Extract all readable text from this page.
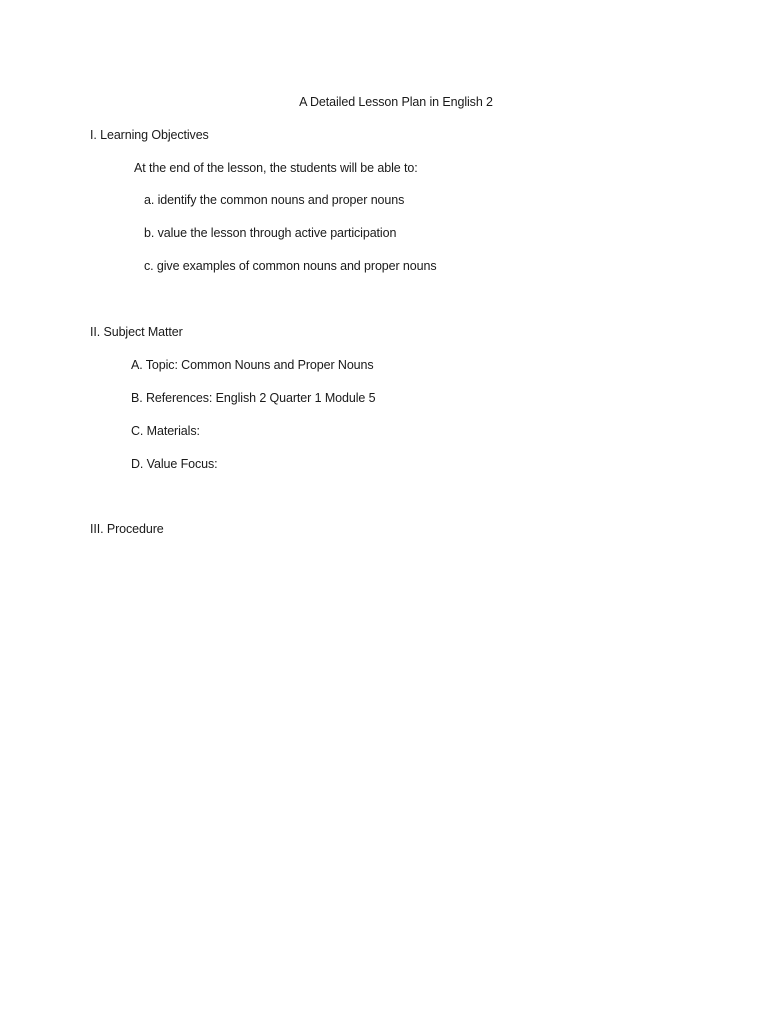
A Detailed Lesson Plan in English 2
I. Learning Objectives
At the end of the lesson, the students will be able to:
a. identify the common nouns and proper nouns
b. value the lesson through active participation
c. give examples of common nouns and proper nouns
II. Subject Matter
A. Topic: Common Nouns and Proper Nouns
B. References: English 2 Quarter 1 Module 5
C. Materials:
D. Value Focus:
III. Procedure
